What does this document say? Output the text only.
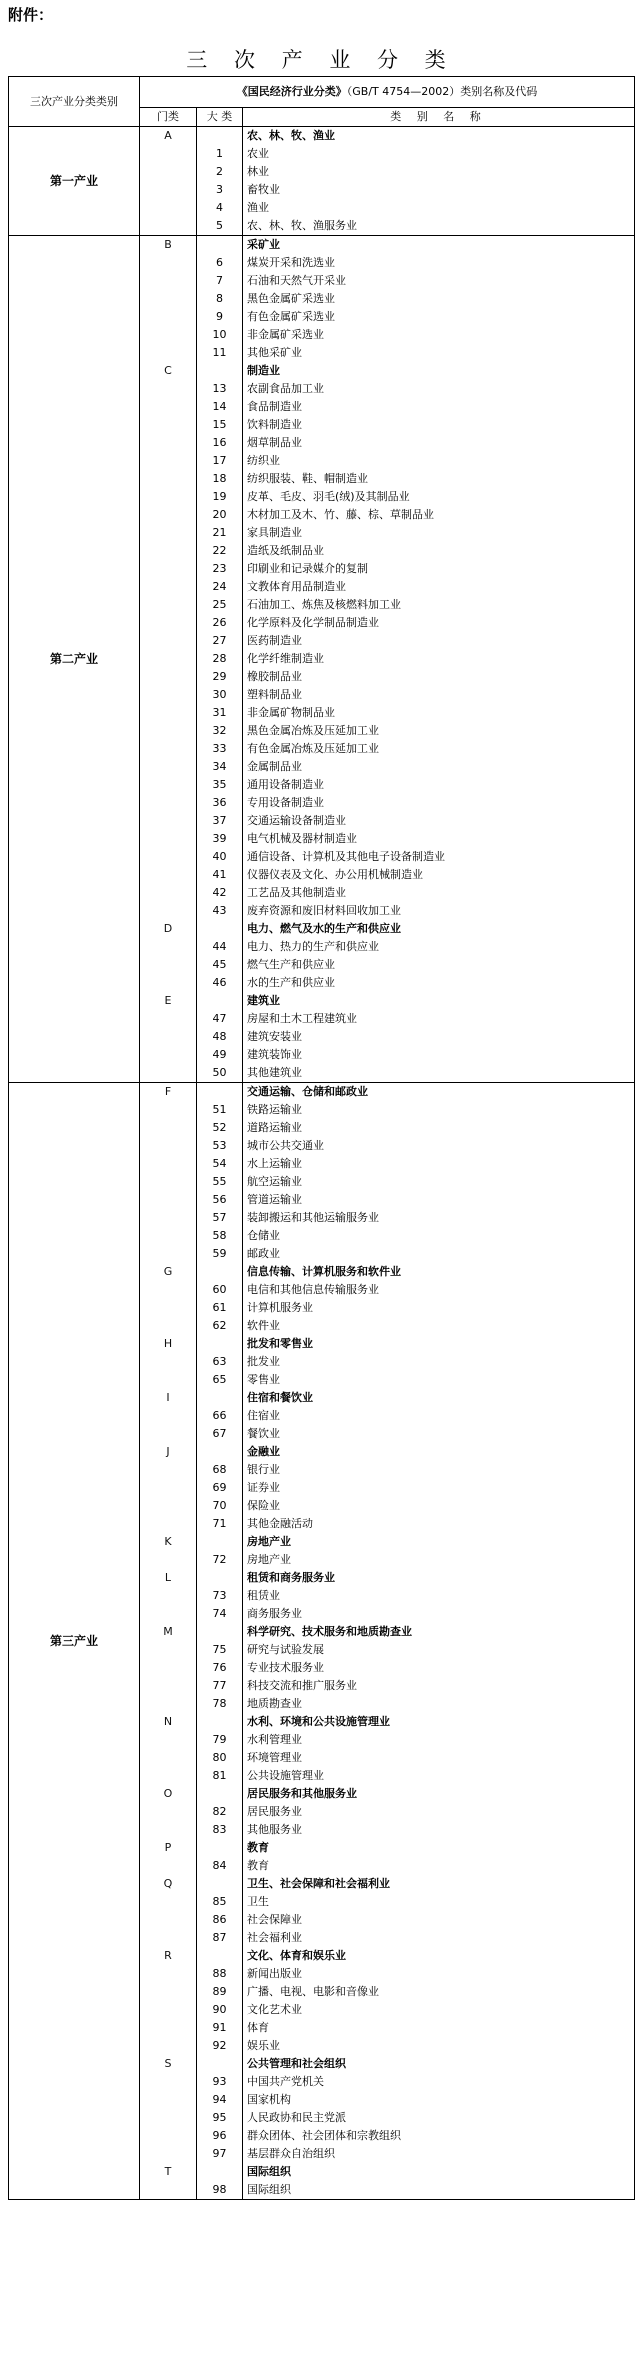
附件：
三 次 产 业 分 类
三次产业分类类别	《国民经济行业分类》（GB/T 4754—2002）类别名称及代码		
	门类	大 类	类 别 名 称
第一产业	A		农、林、牧、渔业
		1	农业
		2	林业
		3	畜牧业
		4	渔业
		5	农、林、牧、渔服务业
第二产业	B		采矿业
		6	煤炭开采和洗选业
		7	石油和天然气开采业
		8	黑色金属矿采选业
		9	有色金属矿采选业
		10	非金属矿采选业
		11	其他采矿业
	C		制造业
		13	农副食品加工业
		14	食品制造业
		15	饮料制造业
		16	烟草制品业
		17	纺织业
		18	纺织服装、鞋、帽制造业
		19	皮革、毛皮、羽毛(绒)及其制品业
		20	木材加工及木、竹、藤、棕、草制品业
		21	家具制造业
		22	造纸及纸制品业
		23	印刷业和记录媒介的复制
		24	文教体育用品制造业
		25	石油加工、炼焦及核燃料加工业
		26	化学原料及化学制品制造业
		27	医药制造业
		28	化学纤维制造业
		29	橡胶制品业
		30	塑料制品业
		31	非金属矿物制品业
		32	黑色金属冶炼及压延加工业
		33	有色金属冶炼及压延加工业
		34	金属制品业
		35	通用设备制造业
		36	专用设备制造业
		37	交通运输设备制造业
		39	电气机械及器材制造业
		40	通信设备、计算机及其他电子设备制造业
		41	仪器仪表及文化、办公用机械制造业
		42	工艺品及其他制造业
		43	废弃资源和废旧材料回收加工业
	D		电力、燃气及水的生产和供应业
		44	电力、热力的生产和供应业
		45	燃气生产和供应业
		46	水的生产和供应业
	E		建筑业
		47	房屋和土木工程建筑业
		48	建筑安装业
		49	建筑装饰业
		50	其他建筑业
第三产业	F		交通运输、仓储和邮政业
		51	铁路运输业
		52	道路运输业
		53	城市公共交通业
		54	水上运输业
		55	航空运输业
		56	管道运输业
		57	装卸搬运和其他运输服务业
		58	仓储业
		59	邮政业
	G		信息传输、计算机服务和软件业
		60	电信和其他信息传输服务业
		61	计算机服务业
		62	软件业
	H		批发和零售业
		63	批发业
		65	零售业
	I		住宿和餐饮业
		66	住宿业
		67	餐饮业
	J		金融业
		68	银行业
		69	证券业
		70	保险业
		71	其他金融活动
	K		房地产业
		72	房地产业
	L		租赁和商务服务业
		73	租赁业
		74	商务服务业
	M		科学研究、技术服务和地质勘查业
		75	研究与试验发展
		76	专业技术服务业
		77	科技交流和推广服务业
		78	地质勘查业
	N		水利、环境和公共设施管理业
		79	水利管理业
		80	环境管理业
		81	公共设施管理业
	O		居民服务和其他服务业
		82	居民服务业
		83	其他服务业
	P		教育
		84	教育
	Q		卫生、社会保障和社会福利业
		85	卫生
		86	社会保障业
		87	社会福利业
	R		文化、体育和娱乐业
		88	新闻出版业
		89	广播、电视、电影和音像业
		90	文化艺术业
		91	体育
		92	娱乐业
	S		公共管理和社会组织
		93	中国共产党机关
		94	国家机构
		95	人民政协和民主党派
		96	群众团体、社会团体和宗教组织
		97	基层群众自治组织
	T		国际组织
		98	国际组织
